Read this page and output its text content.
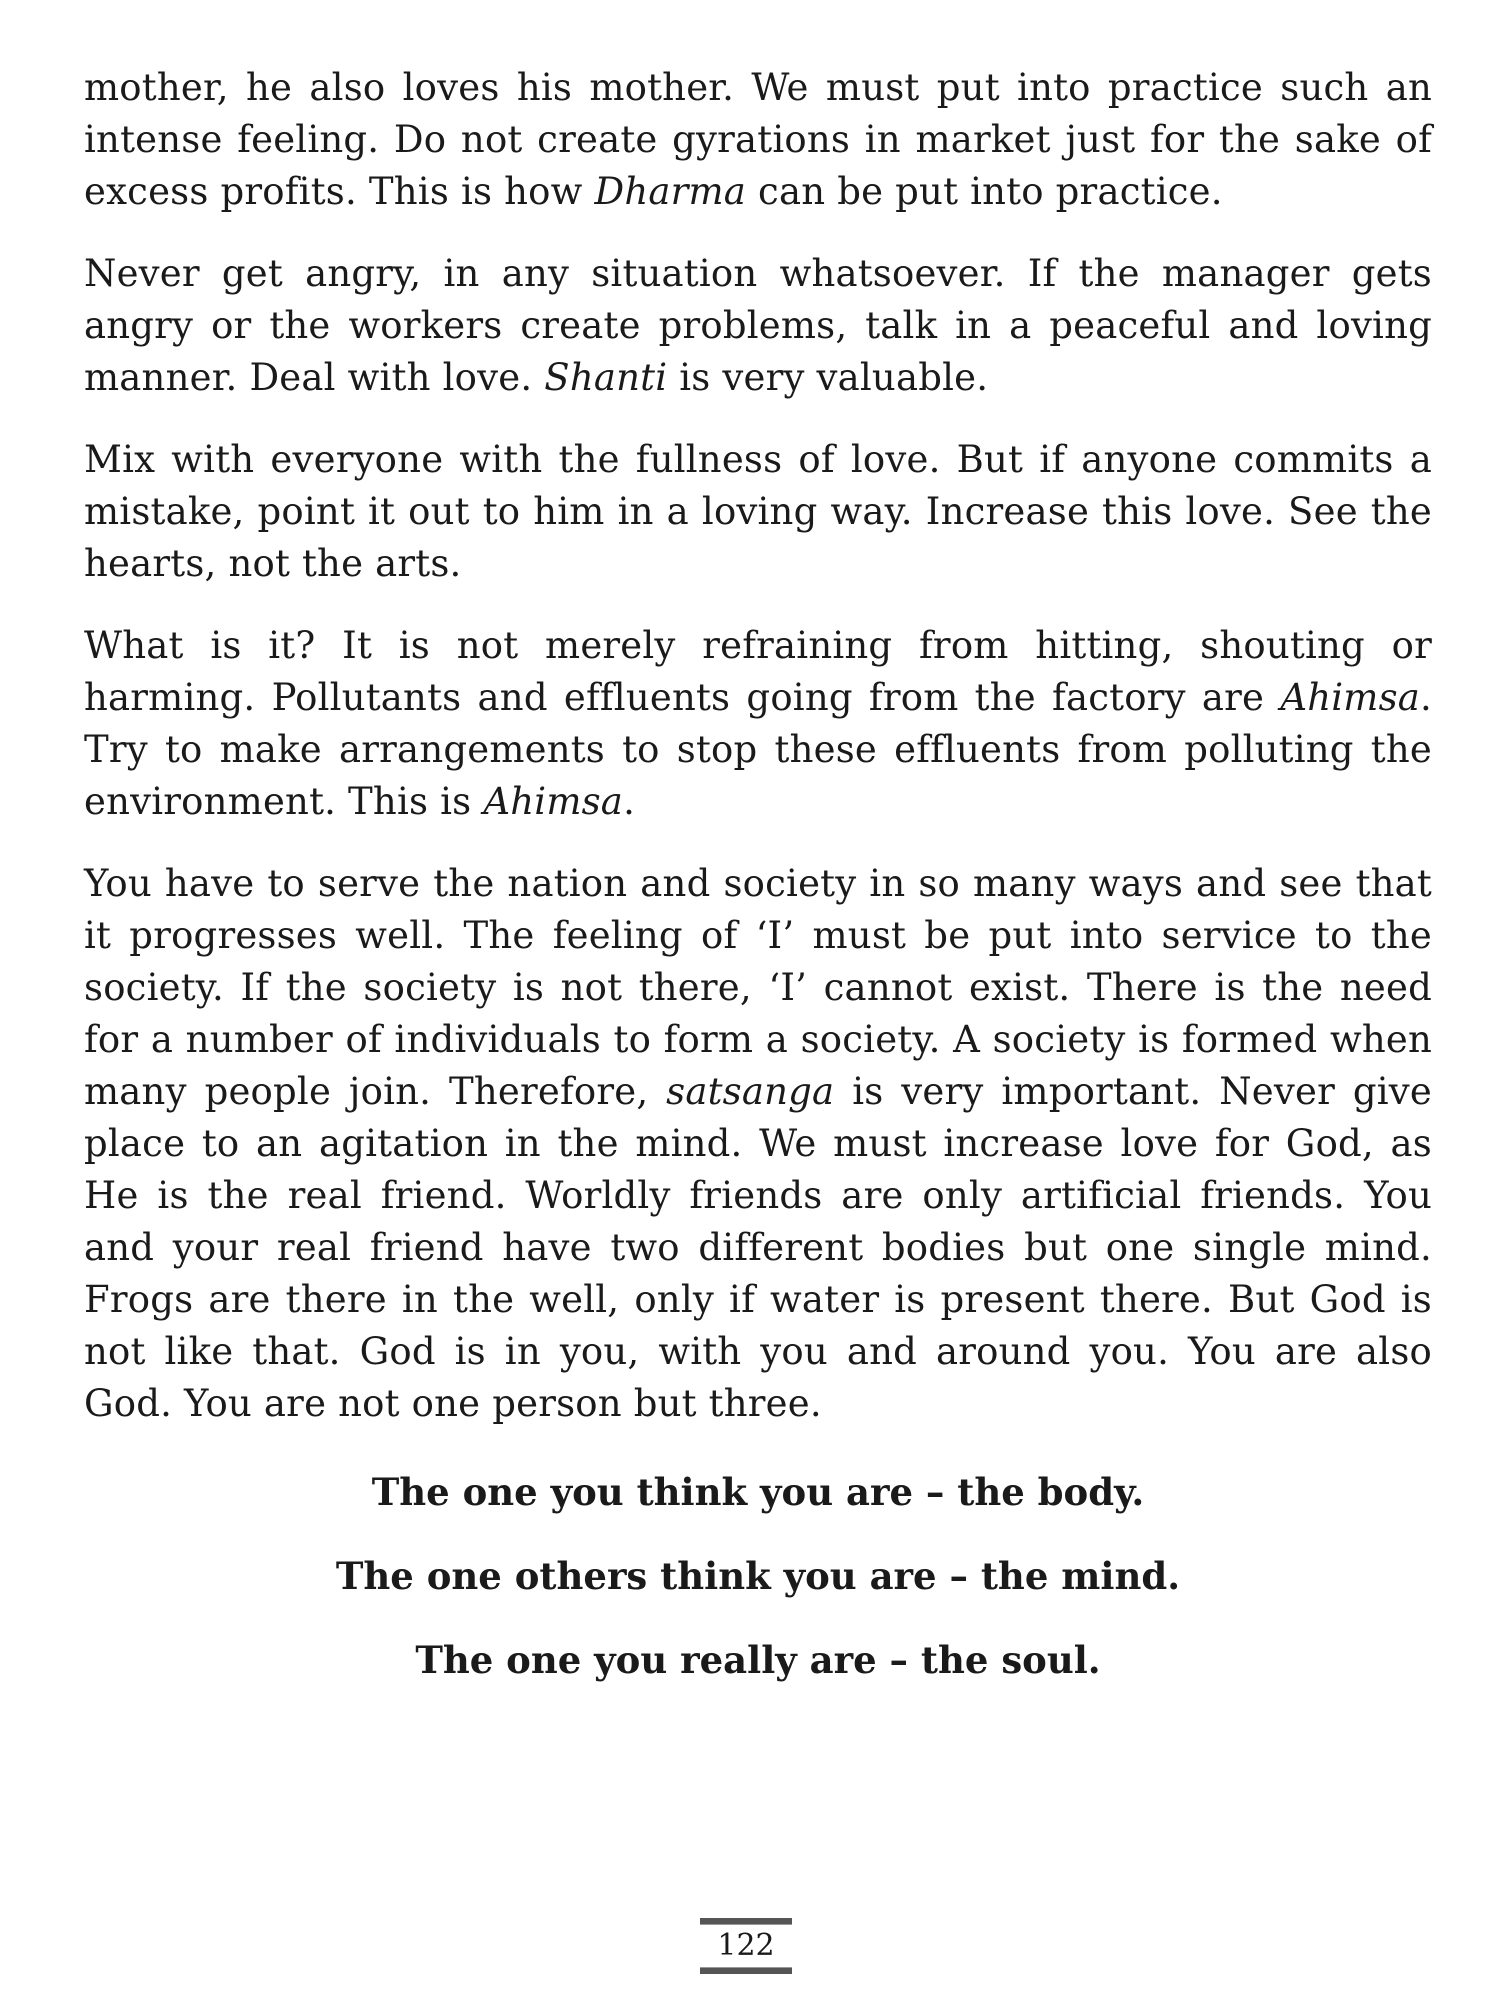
mother, he also loves his mother. We must put into practice such an intense feeling. Do not create gyrations in market just for the sake of excess profits. This is how Dharma can be put into practice.

Never get angry, in any situation whatsoever. If the manager gets angry or the workers create problems, talk in a peaceful and loving manner. Deal with love. Shanti is very valuable.

Mix with everyone with the fullness of love. But if anyone commits a mistake, point it out to him in a loving way. Increase this love. See the hearts, not the arts.

What is it? It is not merely refraining from hitting, shouting or harming. Pollutants and effluents going from the factory are Ahimsa. Try to make arrangements to stop these effluents from polluting the environment. This is Ahimsa.

You have to serve the nation and society in so many ways and see that it progresses well. The feeling of ‘I’ must be put into service to the society. If the society is not there, ‘I’ cannot exist. There is the need for a number of individuals to form a society. A society is formed when many people join. Therefore, satsanga is very important. Never give place to an agitation in the mind. We must increase love for God, as He is the real friend. Worldly friends are only artificial friends. You and your real friend have two different bodies but one single mind. Frogs are there in the well, only if water is present there. But God is not like that. God is in you, with you and around you. You are also God. You are not one person but three.

The one you think you are – the body.

The one others think you are – the mind.

The one you really are – the soul.

122
